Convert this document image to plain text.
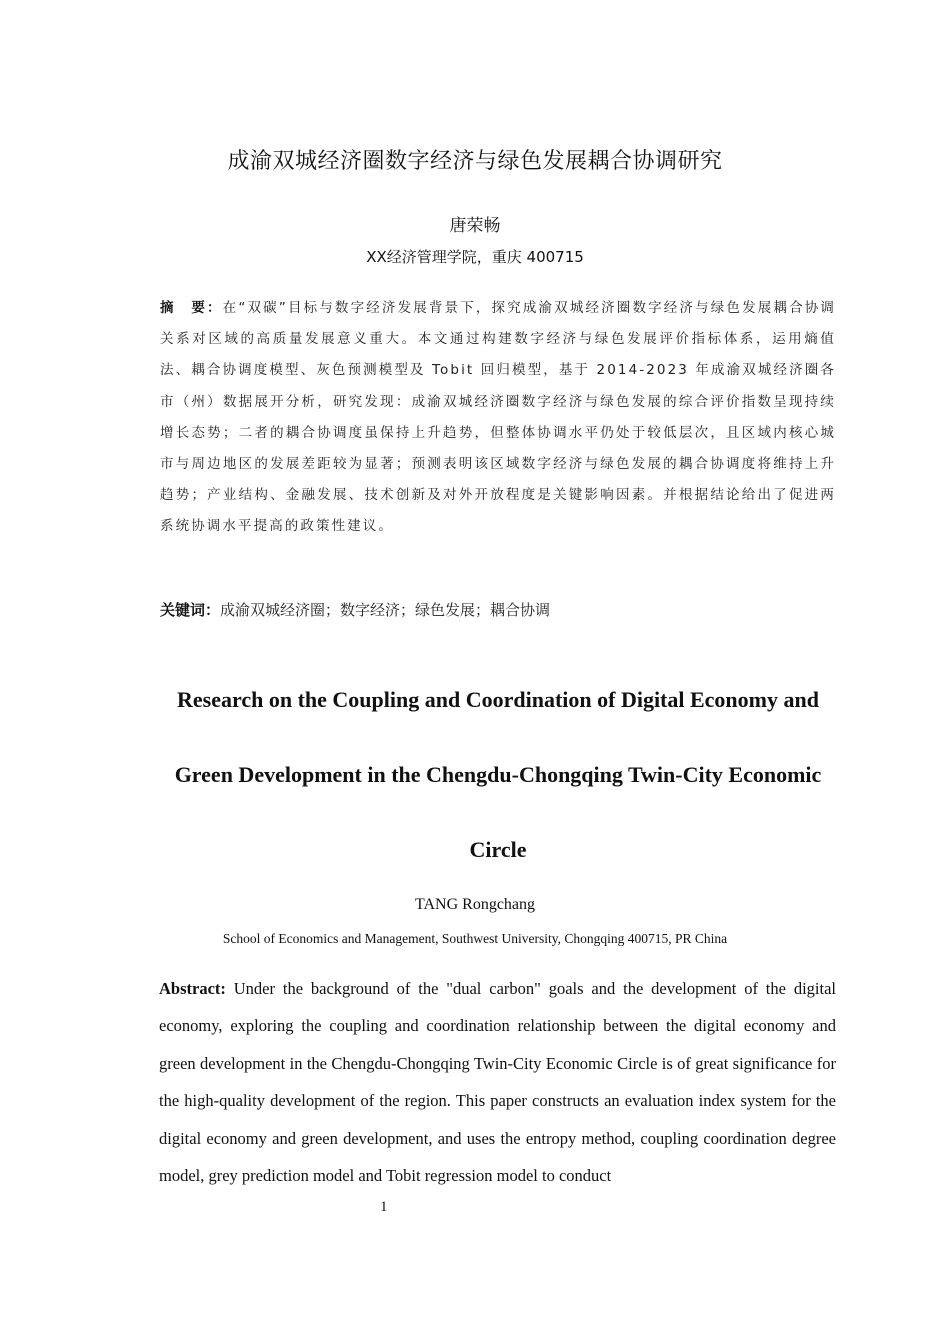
成渝双城经济圈数字经济与绿色发展耦合协调研究
唐荣畅
XX经济管理学院，重庆 400715
摘　要：在“双碳”目标与数字经济发展背景下，探究成渝双城经济圈数字经济与绿色发展耦合协调关系对区域的高质量发展意义重大。本文通过构建数字经济与绿色发展评价指标体系，运用熵值法、耦合协调度模型、灰色预测模型及 Tobit 回归模型，基于 2014-2023 年成渝双城经济圈各市（州）数据展开分析，研究发现：成渝双城经济圈数字经济与绿色发展的综合评价指数呈现持续增长态势；二者的耦合协调度虽保持上升趋势，但整体协调水平仍处于较低层次，且区域内核心城市与周边地区的发展差距较为显著；预测表明该区域数字经济与绿色发展的耦合协调度将维持上升趋势；产业结构、金融发展、技术创新及对外开放程度是关键影响因素。并根据结论给出了促进两系统协调水平提高的政策性建议。
关键词：成渝双城经济圈；数字经济；绿色发展；耦合协调
Research on the Coupling and Coordination of Digital Economy and Green Development in the Chengdu-Chongqing Twin-City Economic Circle
TANG Rongchang
School of Economics and Management, Southwest University, Chongqing 400715, PR China
Abstract: Under the background of the "dual carbon" goals and the development of the digital economy, exploring the coupling and coordination relationship between the digital economy and green development in the Chengdu-Chongqing Twin-City Economic Circle is of great significance for the high-quality development of the region. This paper constructs an evaluation index system for the digital economy and green development, and uses the entropy method, coupling coordination degree model, grey prediction model and Tobit regression model to conduct
1
